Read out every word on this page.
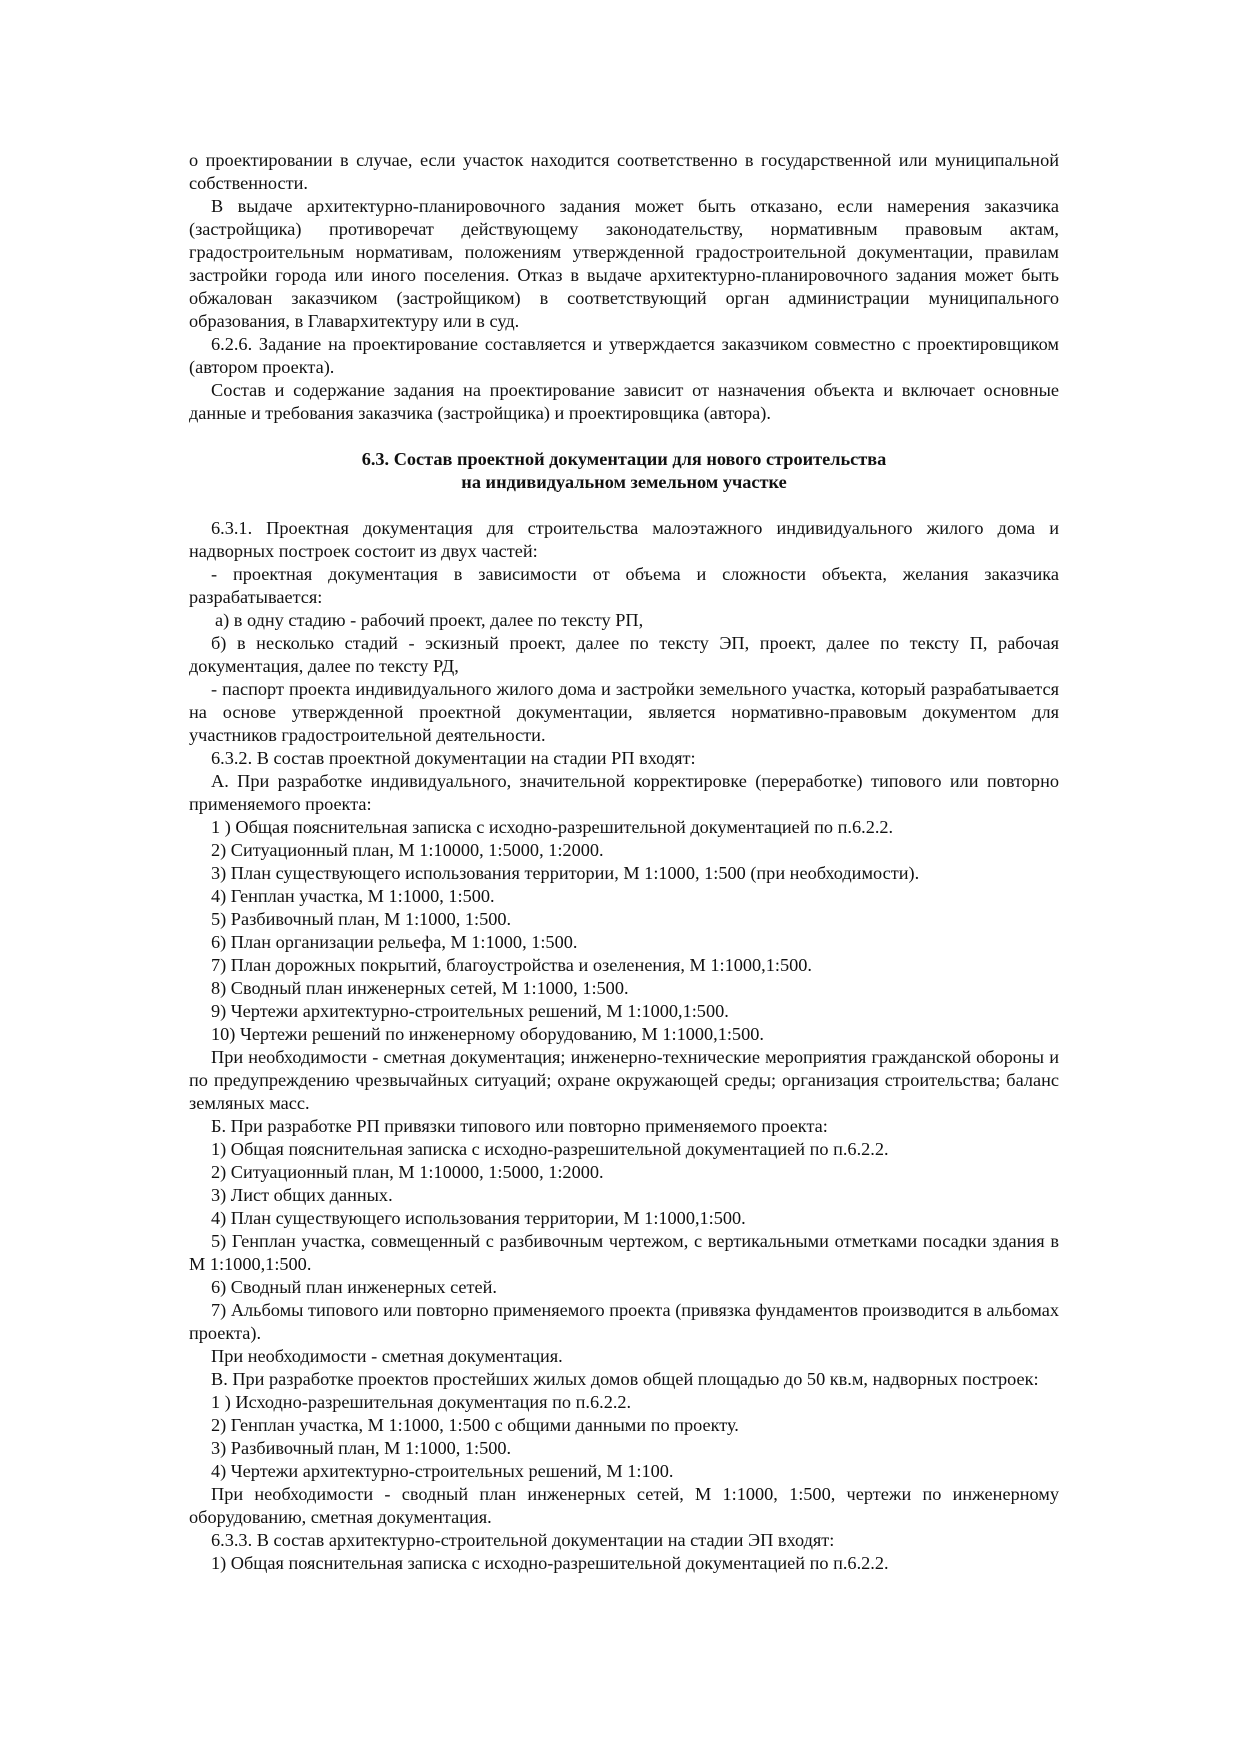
о проектировании в случае, если участок находится соответственно в государственной или муниципальной собственности.

В выдаче архитектурно-планировочного задания может быть отказано, если намерения заказчика (застройщика) противоречат действующему законодательству, нормативным правовым актам, градостроительным нормативам, положениям утвержденной градостроительной документации, правилам застройки города или иного поселения. Отказ в выдаче архитектурно-планировочного задания может быть обжалован заказчиком (застройщиком) в соответствующий орган администрации муниципального образования, в Главархитектуру или в суд.

6.2.6. Задание на проектирование составляется и утверждается заказчиком совместно с проектировщиком (автором проекта).

Состав и содержание задания на проектирование зависит от назначения объекта и включает основные данные и требования заказчика (застройщика) и проектировщика (автора).

6.3. Состав проектной документации для нового строительства
на индивидуальном земельном участке

6.3.1. Проектная документация для строительства малоэтажного индивидуального жилого дома и надворных построек состоит из двух частей:

- проектная документация в зависимости от объема и сложности объекта, желания заказчика разрабатывается:

а) в одну стадию - рабочий проект, далее по тексту РП,

б) в несколько стадий - эскизный проект, далее по тексту ЭП, проект, далее по тексту П, рабочая документация, далее по тексту РД,

- паспорт проекта индивидуального жилого дома и застройки земельного участка, который разрабатывается на основе утвержденной проектной документации, является нормативно-правовым документом для участников градостроительной деятельности.

6.3.2. В состав проектной документации на стадии РП входят:

А. При разработке индивидуального, значительной корректировке (переработке) типового или повторно применяемого проекта:

1 ) Общая пояснительная записка с исходно-разрешительной документацией по п.6.2.2.

2) Ситуационный план, М 1:10000, 1:5000, 1:2000.

3) План существующего использования территории, М 1:1000, 1:500 (при необходимости).

4) Генплан участка, М 1:1000, 1:500.

5) Разбивочный план, М 1:1000, 1:500.

6) План организации рельефа, М 1:1000, 1:500.

7) План дорожных покрытий, благоустройства и озеленения, М 1:1000,1:500.

8) Сводный план инженерных сетей, М 1:1000, 1:500.

9) Чертежи архитектурно-строительных решений, М 1:1000,1:500.

10) Чертежи решений по инженерному оборудованию, М 1:1000,1:500.

При необходимости - сметная документация; инженерно-технические мероприятия гражданской обороны и по предупреждению чрезвычайных ситуаций; охране окружающей среды; организация строительства; баланс земляных масс.

Б. При разработке РП привязки типового или повторно применяемого проекта:

1) Общая пояснительная записка с исходно-разрешительной документацией по п.6.2.2.

2) Ситуационный план, М 1:10000, 1:5000, 1:2000.

3) Лист общих данных.

4) План существующего использования территории, М 1:1000,1:500.

5) Генплан участка, совмещенный с разбивочным чертежом, с вертикальными отметками посадки здания в М 1:1000,1:500.

6) Сводный план инженерных сетей.

7) Альбомы типового или повторно применяемого проекта (привязка фундаментов производится в альбомах проекта).

При необходимости - сметная документация.

В. При разработке проектов простейших жилых домов общей площадью до 50 кв.м, надворных построек:

1 ) Исходно-разрешительная документация по п.6.2.2.

2) Генплан участка, М 1:1000, 1:500 с общими данными по проекту.

3) Разбивочный план, М 1:1000, 1:500.

4) Чертежи архитектурно-строительных решений, М 1:100.

При необходимости - сводный план инженерных сетей, М 1:1000, 1:500, чертежи по инженерному оборудованию, сметная документация.

6.3.3. В состав архитектурно-строительной документации на стадии ЭП входят:

1) Общая пояснительная записка с исходно-разрешительной документацией по п.6.2.2.
